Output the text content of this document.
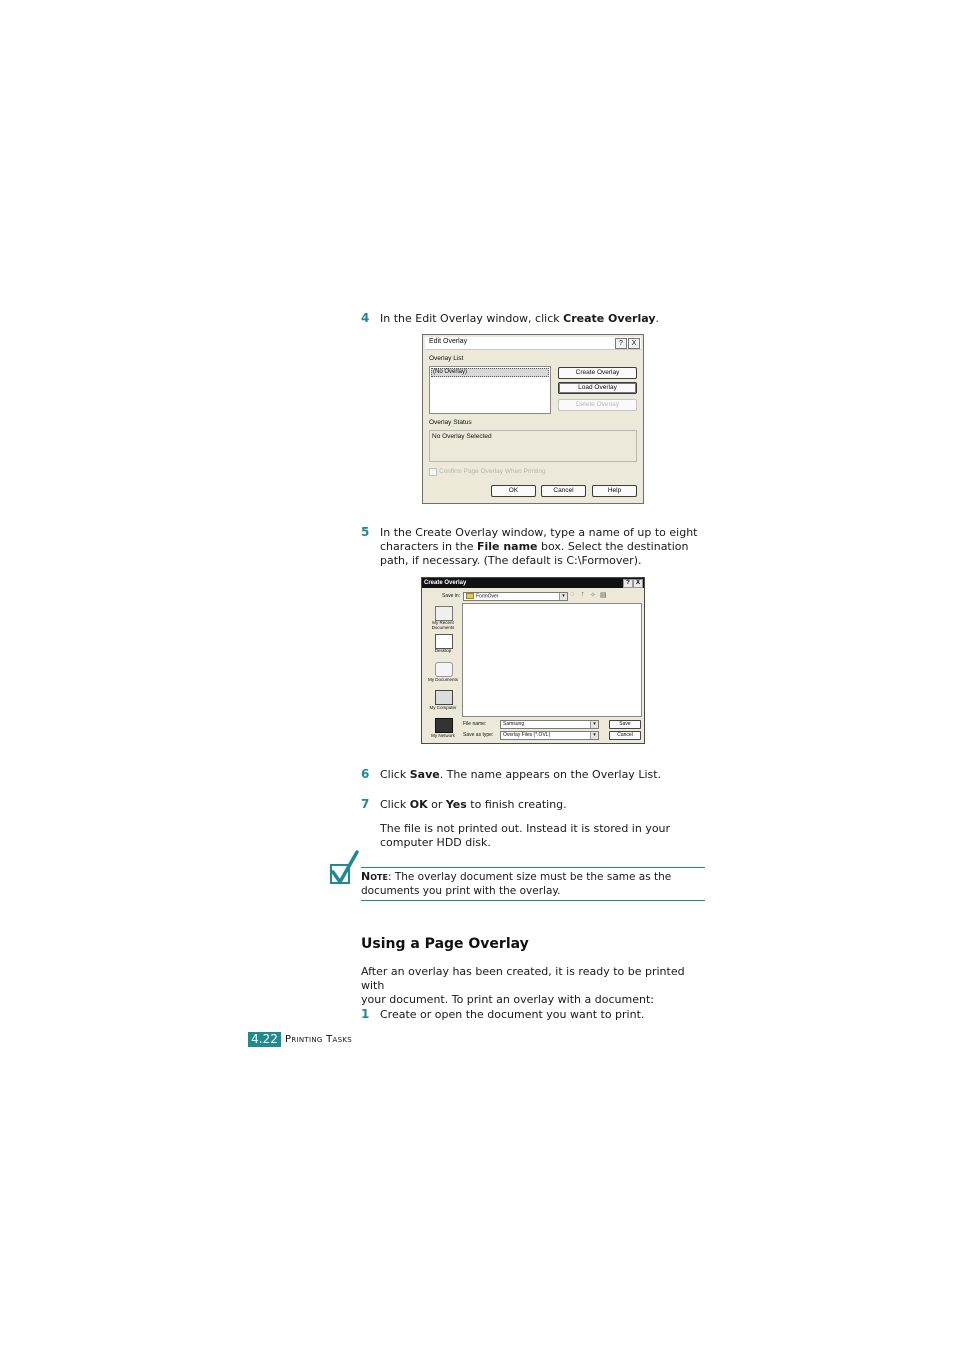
4 In the Edit Overlay window, click Create Overlay.
Edit Overlay	?	X
Overlay List
(No Overlay)	Create Overlay
Load Overlay
Delete Overlay
Overlay Status
No Overlay Selected
Confirm Page Overlay When Printing
OK	Cancel	Help
5 In the Create Overlay window, type a name of up to eight
characters in the File name box. Select the destination
path, if necessary. (The default is C:\Formover).
Create Overlay	?	X
Save in:	FormOver	▾ ◌ ↑ ✧ ▤
My Recent Documents
Desktop
My Documents
My Computer
My Network
File name:	Samsung	▾
Save as type:	Overlay Files (*.OVL)	▾
Save
Cancel
6 Click Save. The name appears on the Overlay List.
7 Click OK or Yes to finish creating.
The file is not printed out. Instead it is stored in your
computer HDD disk.
Note: The overlay document size must be the same as the
documents you print with the overlay.
Using a Page Overlay
After an overlay has been created, it is ready to be printed with
your document. To print an overlay with a document:
1 Create or open the document you want to print.
4.22 Printing Tasks
